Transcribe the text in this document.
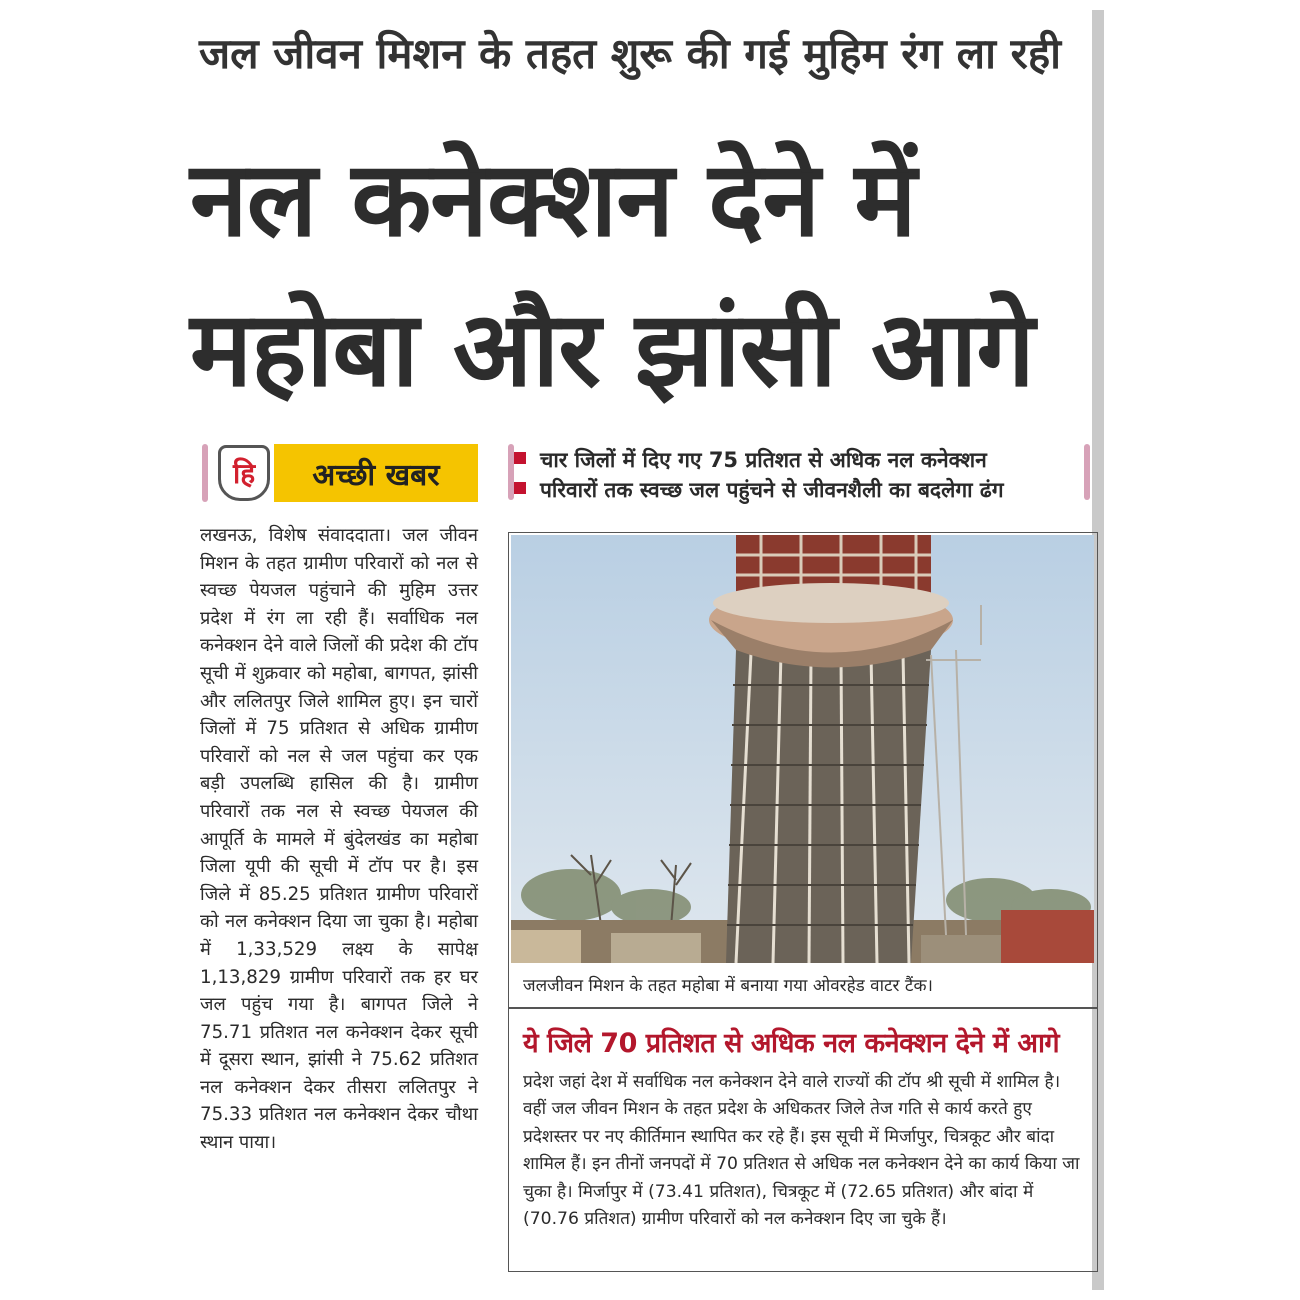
जल जीवन मिशन के तहत शुरू की गई मुहिम रंग ला रही
नल कनेक्शन देने में
महोबा और झांसी आगे
हि	अच्छी खबर	चार जिलों में दिए गए 75 प्रतिशत से अधिक नल कनेक्शन
परिवारों तक स्वच्छ जल पहुंचने से जीवनशैली का बदलेगा ढंग
लखनऊ, विशेष संवाददाता। जल जीवन मिशन के तहत ग्रामीण परिवारों को नल से स्वच्छ पेयजल पहुंचाने की मुहिम उत्तर प्रदेश में रंग ला रही हैं। सर्वाधिक नल कनेक्शन देने वाले जिलों की प्रदेश की टॉप सूची में शुक्रवार को महोबा, बागपत, झांसी और ललितपुर जिले शामिल हुए। इन चारों जिलों में 75 प्रतिशत से अधिक ग्रामीण परिवारों को नल से जल पहुंचा कर एक बड़ी उपलब्धि हासिल की है। ग्रामीण परिवारों तक नल से स्वच्छ पेयजल की आपूर्ति के मामले में बुंदेलखंड का महोबा जिला यूपी की सूची में टॉप पर है। इस जिले में 85.25 प्रतिशत ग्रामीण परिवारों को नल कनेक्शन दिया जा चुका है। महोबा में 1,33,529 लक्ष्य के सापेक्ष 1,13,829 ग्रामीण परिवारों तक हर घर जल पहुंच गया है। बागपत जिले ने 75.71 प्रतिशत नल कनेक्शन देकर सूची में दूसरा स्थान, झांसी ने 75.62 प्रतिशत नल कनेक्शन देकर तीसरा ललितपुर ने 75.33 प्रतिशत नल कनेक्शन देकर चौथा स्थान पाया।
जलजीवन मिशन के तहत महोबा में बनाया गया ओवरहेड वाटर टैंक।
ये जिले 70 प्रतिशत से अधिक नल कनेक्शन देने में आगे
प्रदेश जहां देश में सर्वाधिक नल कनेक्शन देने वाले राज्यों की टॉप श्री सूची में शामिल है। वहीं जल जीवन मिशन के तहत प्रदेश के अधिकतर जिले तेज गति से कार्य करते हुए प्रदेशस्तर पर नए कीर्तिमान स्थापित कर रहे हैं। इस सूची में मिर्जापुर, चित्रकूट और बांदा शामिल हैं। इन तीनों जनपदों में 70 प्रतिशत से अधिक नल कनेक्शन देने का कार्य किया जा चुका है। मिर्जापुर में (73.41 प्रतिशत), चित्रकूट में (72.65 प्रतिशत) और बांदा में (70.76 प्रतिशत) ग्रामीण परिवारों को नल कनेक्शन दिए जा चुके हैं।
